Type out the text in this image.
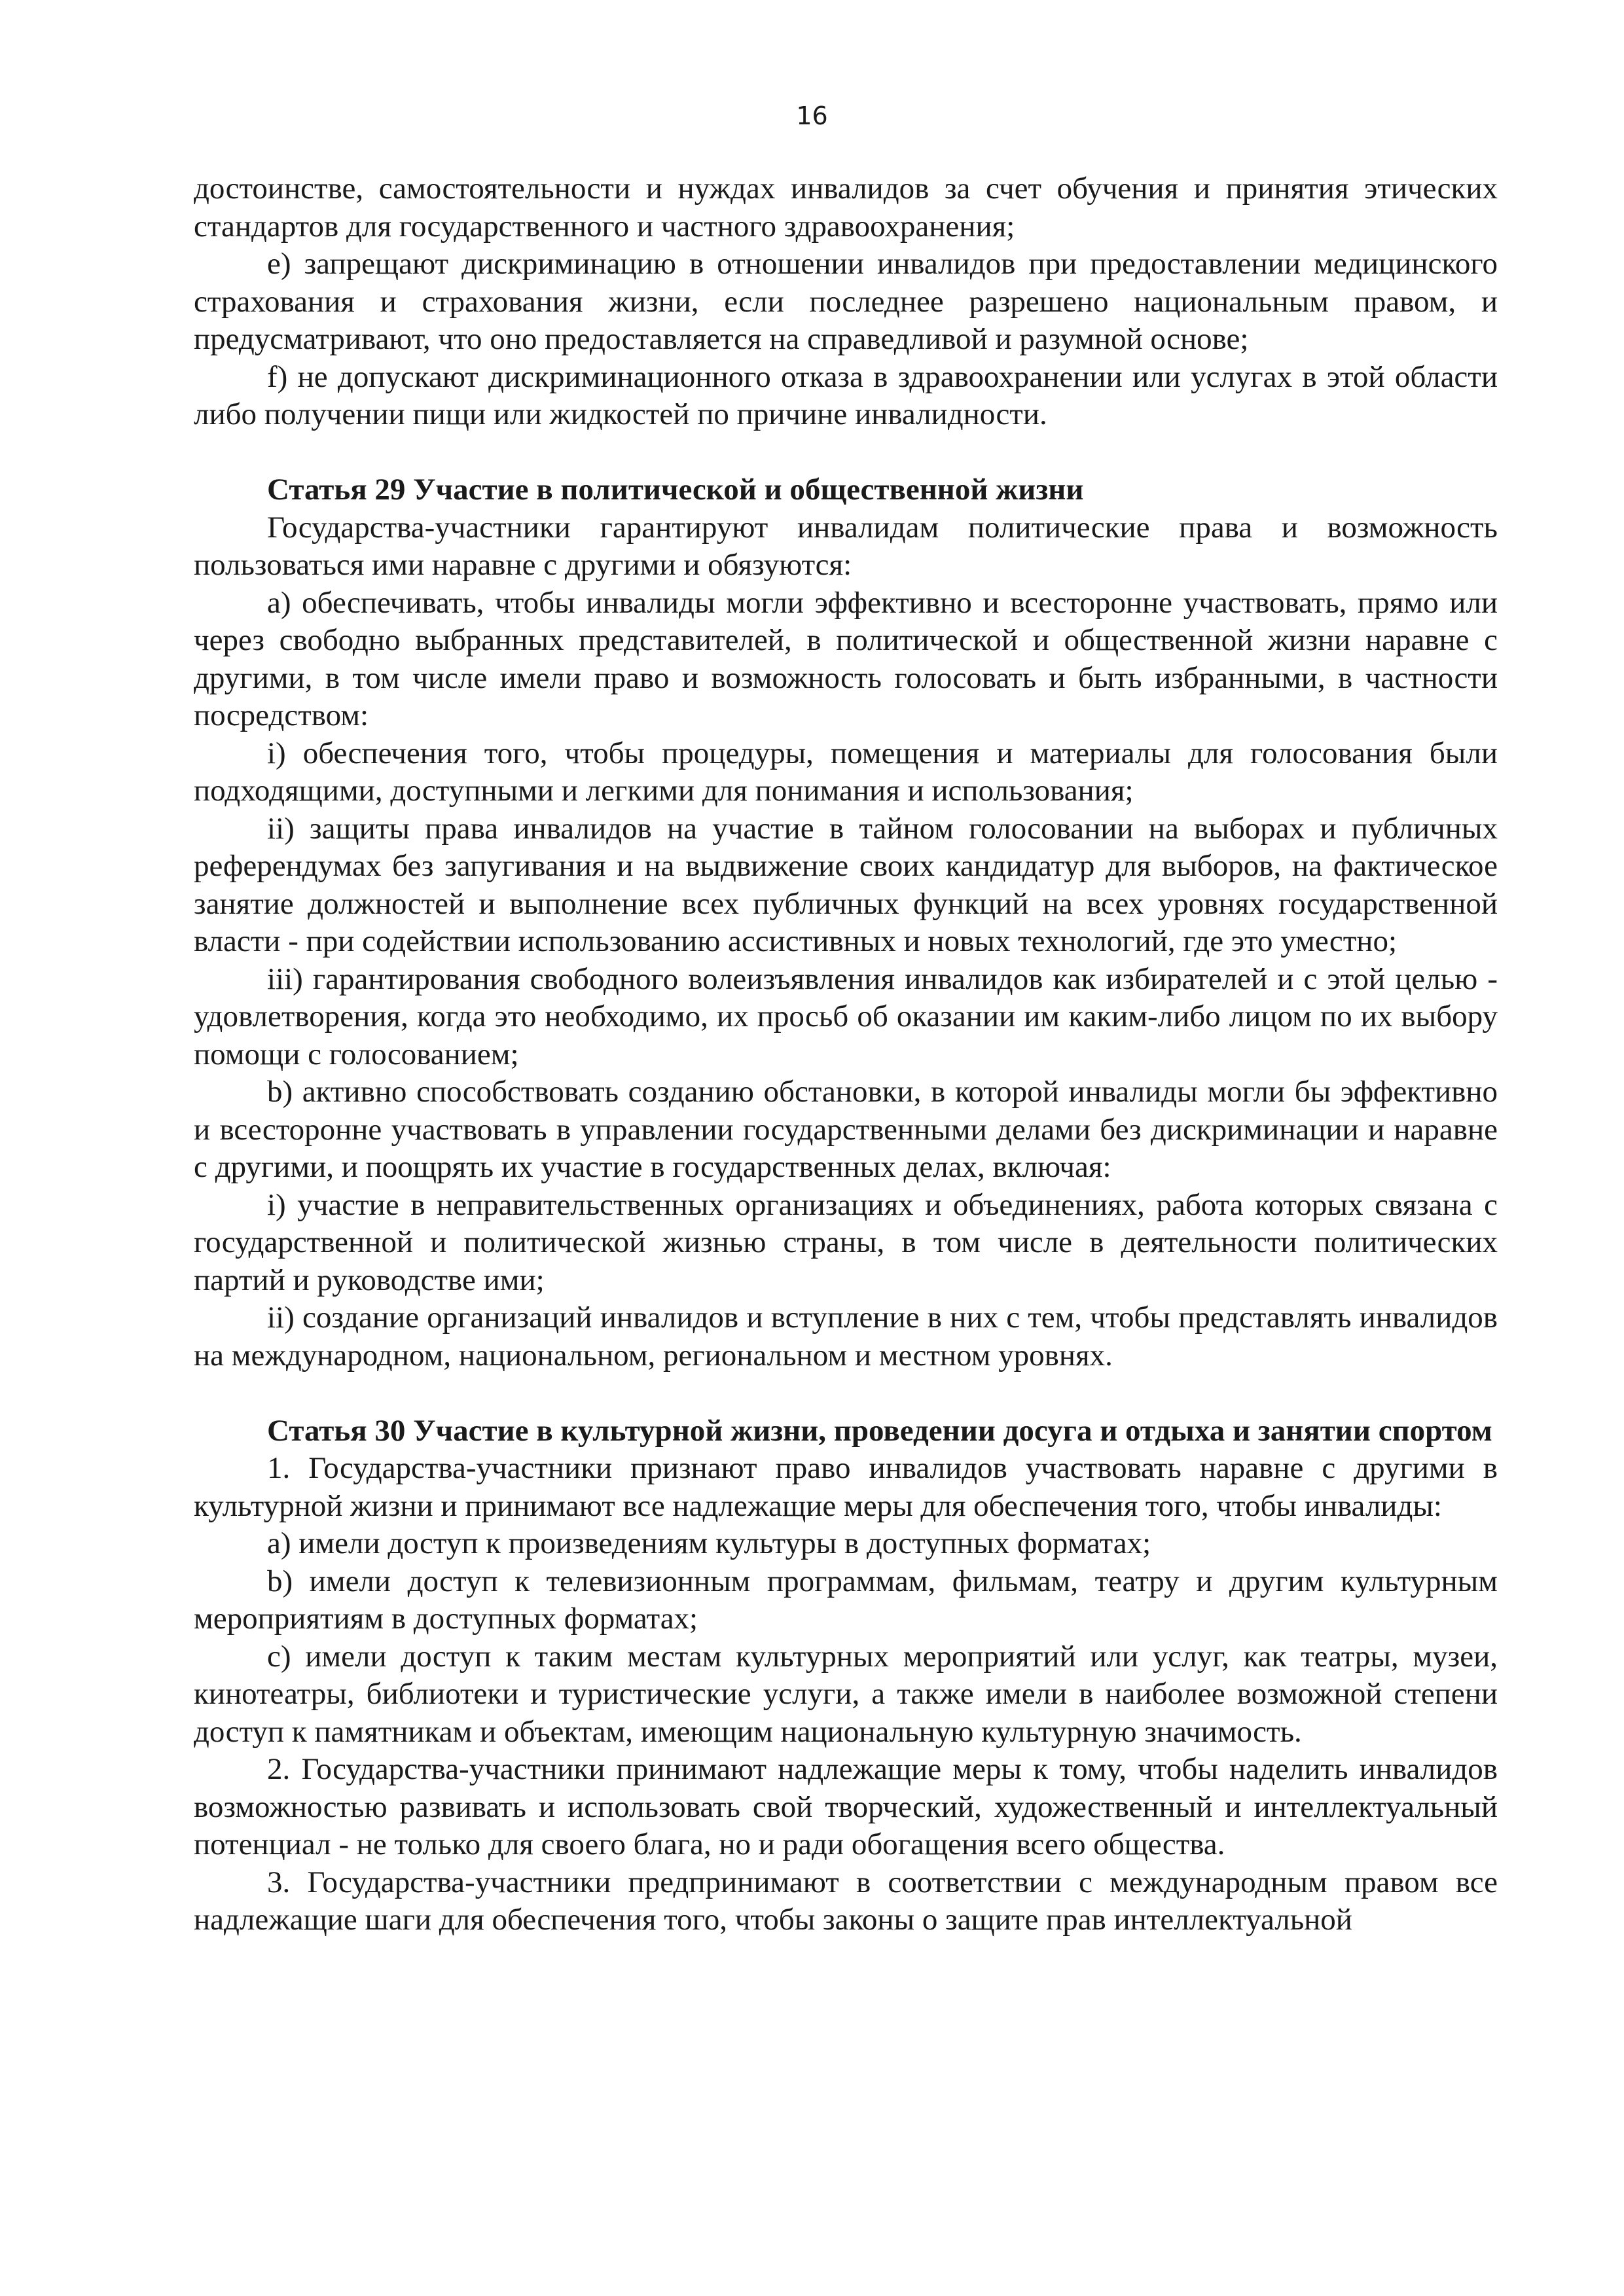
16

достоинстве, самостоятельности и нуждах инвалидов за счет обучения и принятия этических стандартов для государственного и частного здравоохранения;

e) запрещают дискриминацию в отношении инвалидов при предоставлении медицинского страхования и страхования жизни, если последнее разрешено национальным правом, и предусматривают, что оно предоставляется на справедливой и разумной основе;

f) не допускают дискриминационного отказа в здравоохранении или услугах в этой области либо получении пищи или жидкостей по причине инвалидности.

Статья 29 Участие в политической и общественной жизни

Государства-участники гарантируют инвалидам политические права и возможность пользоваться ими наравне с другими и обязуются:

a) обеспечивать, чтобы инвалиды могли эффективно и всесторонне участвовать, прямо или через свободно выбранных представителей, в политической и общественной жизни наравне с другими, в том числе имели право и возможность голосовать и быть избранными, в частности посредством:

i) обеспечения того, чтобы процедуры, помещения и материалы для голосования были подходящими, доступными и легкими для понимания и использования;

ii) защиты права инвалидов на участие в тайном голосовании на выборах и публичных референдумах без запугивания и на выдвижение своих кандидатур для выборов, на фактическое занятие должностей и выполнение всех публичных функций на всех уровнях государственной власти - при содействии использованию ассистивных и новых технологий, где это уместно;

iii) гарантирования свободного волеизъявления инвалидов как избирателей и с этой целью - удовлетворения, когда это необходимо, их просьб об оказании им каким-либо лицом по их выбору помощи с голосованием;

b) активно способствовать созданию обстановки, в которой инвалиды могли бы эффективно и всесторонне участвовать в управлении государственными делами без дискриминации и наравне с другими, и поощрять их участие в государственных делах, включая:

i) участие в неправительственных организациях и объединениях, работа которых связана с государственной и политической жизнью страны, в том числе в деятельности политических партий и руководстве ими;

ii) создание организаций инвалидов и вступление в них с тем, чтобы представлять инвалидов на международном, национальном, региональном и местном уровнях.

Статья 30 Участие в культурной жизни, проведении досуга и отдыха и занятии спортом

1. Государства-участники признают право инвалидов участвовать наравне с другими в культурной жизни и принимают все надлежащие меры для обеспечения того, чтобы инвалиды:

a) имели доступ к произведениям культуры в доступных форматах;

b) имели доступ к телевизионным программам, фильмам, театру и другим культурным мероприятиям в доступных форматах;

c) имели доступ к таким местам культурных мероприятий или услуг, как театры, музеи, кинотеатры, библиотеки и туристические услуги, а также имели в наиболее возможной степени доступ к памятникам и объектам, имеющим национальную культурную значимость.

2. Государства-участники принимают надлежащие меры к тому, чтобы наделить инвалидов возможностью развивать и использовать свой творческий, художественный и интеллектуальный потенциал - не только для своего блага, но и ради обогащения всего общества.

3. Государства-участники предпринимают в соответствии с международным правом все надлежащие шаги для обеспечения того, чтобы законы о защите прав интеллектуальной
